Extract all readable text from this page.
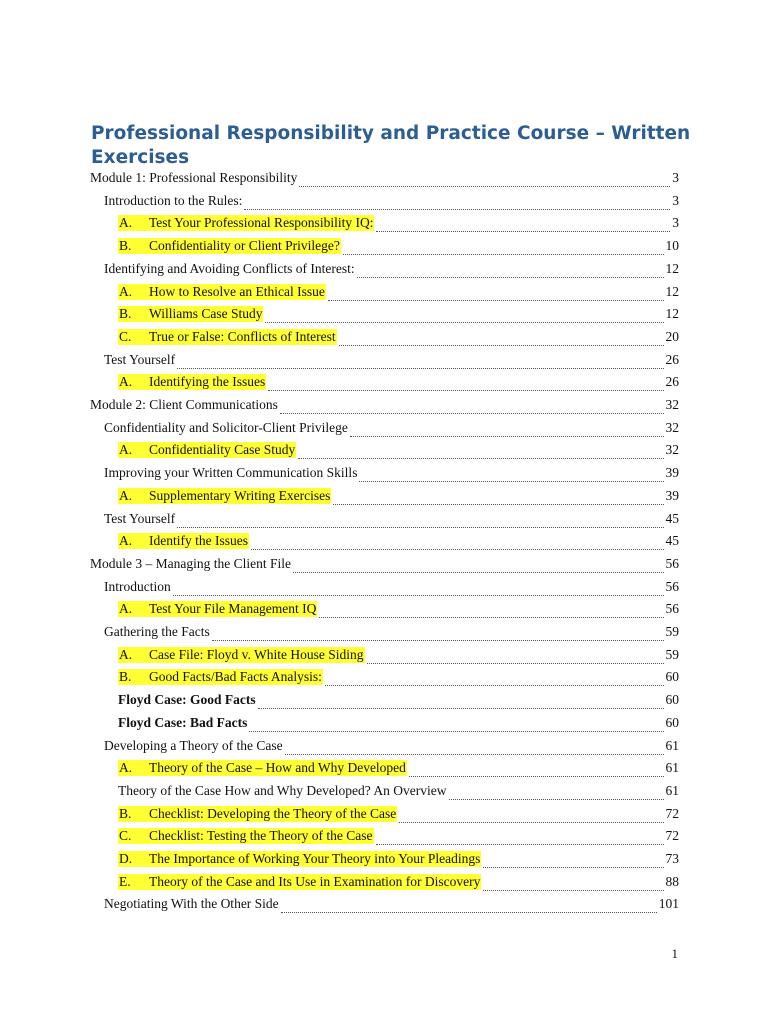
Professional Responsibility and Practice Course – Written Exercises
Module 1: Professional Responsibility	3
Introduction to the Rules:	3
A.	Test Your Professional Responsibility IQ:	3
B.	Confidentiality or Client Privilege?	10
Identifying and Avoiding Conflicts of Interest:	12
A.	How to Resolve an Ethical Issue	12
B.	Williams Case Study	12
C.	True or False: Conflicts of Interest	20
Test Yourself	26
A.	Identifying the Issues	26
Module 2: Client Communications	32
Confidentiality and Solicitor-Client Privilege	32
A.	Confidentiality Case Study	32
Improving your Written Communication Skills	39
A.	Supplementary Writing Exercises	39
Test Yourself	45
A.	Identify the Issues	45
Module 3 – Managing the Client File	56
Introduction	56
A.	Test Your File Management IQ	56
Gathering the Facts	59
A.	Case File: Floyd v. White House Siding	59
B.	Good Facts/Bad Facts Analysis:	60
Floyd Case: Good Facts	60
Floyd Case: Bad Facts	60
Developing a Theory of the Case	61
A.	Theory of the Case – How and Why Developed	61
Theory of the Case How and Why Developed? An Overview	61
B.	Checklist: Developing the Theory of the Case	72
C.	Checklist: Testing the Theory of the Case	72
D.	The Importance of Working Your Theory into Your Pleadings	73
E.	Theory of the Case and Its Use in Examination for Discovery	88
Negotiating With the Other Side	101
1
